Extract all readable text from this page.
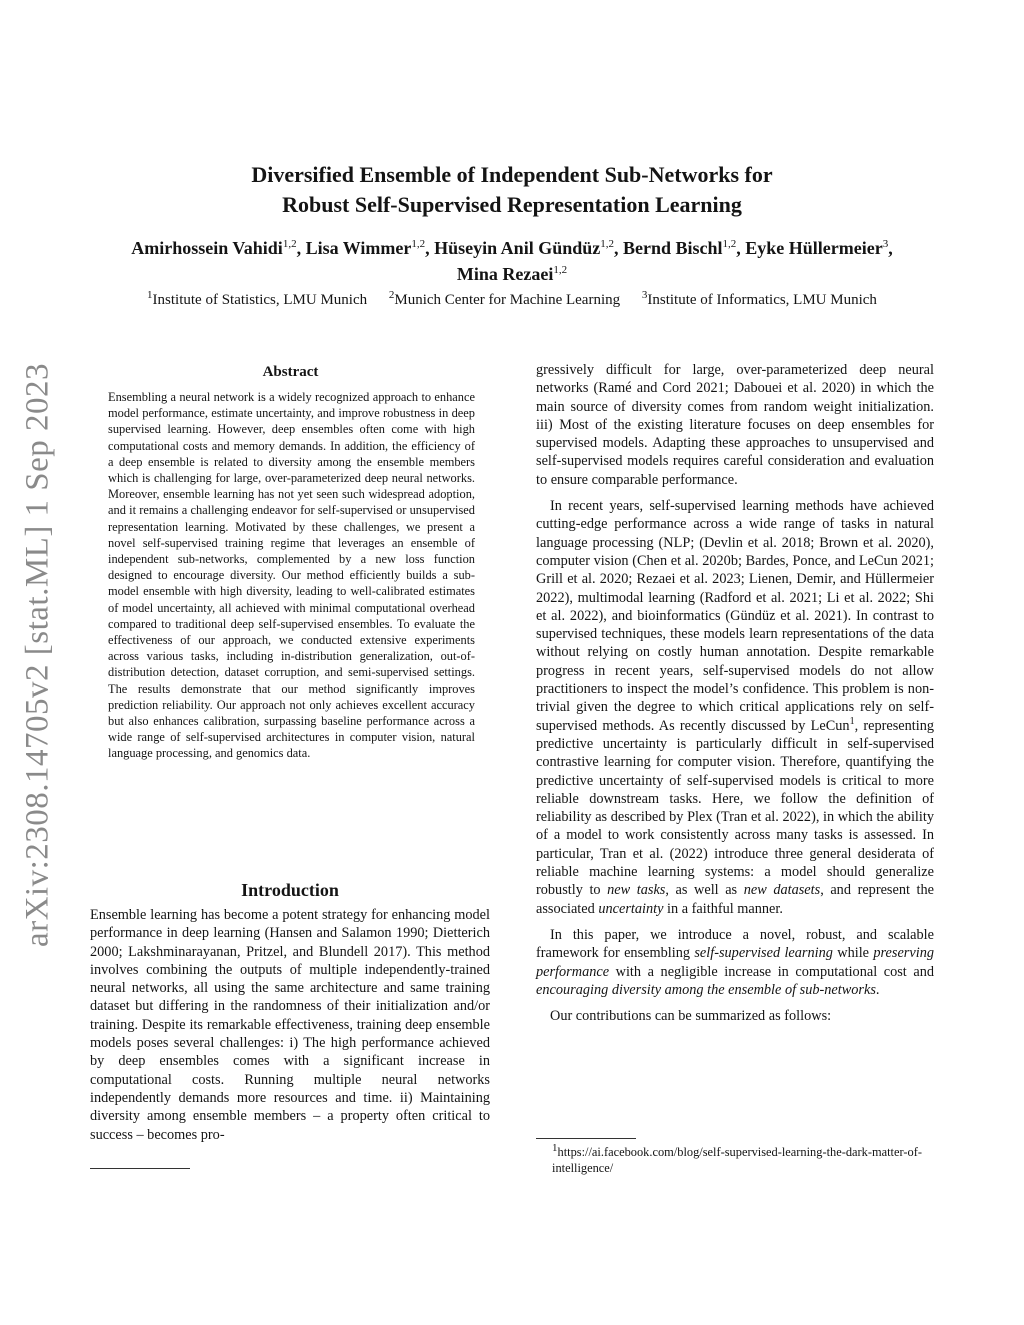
Diversified Ensemble of Independent Sub-Networks for
Robust Self-Supervised Representation Learning
Amirhossein Vahidi$^{1,2}$, Lisa Wimmer$^{1,2}$, Hüseyin Anil Gündüz$^{1,2}$, Bernd Bischl$^{1,2}$, Eyke Hüllermeier$^3$, Mina Rezaei$^{1,2}$
$^1$Institute of Statistics, LMU Munich $^2$Munich Center for Machine Learning $^3$Institute of Informatics, LMU Munich
arXiv:2308.14705v2 [stat.ML] 1 Sep 2023	Abstract

Ensembling a neural network is a widely recognized approach to enhance model performance, estimate uncertainty, and improve robustness in deep supervised learning. However, deep ensembles often come with high computational costs and memory demands. In addition, the efficiency of a deep ensemble is related to diversity among the ensemble members which is challenging for large, over-parameterized deep neural networks. Moreover, ensemble learning has not yet seen such widespread adoption, and it remains a challenging endeavor for self-supervised or unsupervised representation learning. Motivated by these challenges, we present a novel self-supervised training regime that leverages an ensemble of independent sub-networks, complemented by a new loss function designed to encourage diversity. Our method efficiently builds a sub-model ensemble with high diversity, leading to well-calibrated estimates of model uncertainty, all achieved with minimal computational overhead compared to traditional deep self-supervised ensembles. To evaluate the effectiveness of our approach, we conducted extensive experiments across various tasks, including in-distribution generalization, out-of-distribution detection, dataset corruption, and semi-supervised settings. The results demonstrate that our method significantly improves prediction reliability. Our approach not only achieves excellent accuracy but also enhances calibration, surpassing baseline performance across a wide range of self-supervised architectures in computer vision, natural language processing, and genomics data.

Introduction

Ensemble learning has become a potent strategy for enhancing model performance in deep learning (Hansen and Salamon 1990; Dietterich 2000; Lakshminarayanan, Pritzel, and Blundell 2017). This method involves combining the outputs of multiple independently-trained neural networks, all using the same architecture and same training dataset but differing in the randomness of their initialization and/or training. Despite its remarkable effectiveness, training deep ensemble models poses several challenges: i) The high performance achieved by deep ensembles comes with a significant increase in computational costs. Running multiple neural networks independently demands more resources and time. ii) Maintaining diversity among ensemble members – a property often critical to success – becomes pro-

gressively difficult for large, over-parameterized deep neural networks (Ramé and Cord 2021; Dabouei et al. 2020) in which the main source of diversity comes from random weight initialization. iii) Most of the existing literature focuses on deep ensembles for supervised models. Adapting these approaches to unsupervised and self-supervised models requires careful consideration and evaluation to ensure comparable performance.

In recent years, self-supervised learning methods have achieved cutting-edge performance across a wide range of tasks in natural language processing (NLP; (Devlin et al. 2018; Brown et al. 2020), computer vision (Chen et al. 2020b; Bardes, Ponce, and LeCun 2021; Grill et al. 2020; Rezaei et al. 2023; Lienen, Demir, and Hüllermeier 2022), multimodal learning (Radford et al. 2021; Li et al. 2022; Shi et al. 2022), and bioinformatics (Gündüz et al. 2021). In contrast to supervised techniques, these models learn representations of the data without relying on costly human annotation. Despite remarkable progress in recent years, self-supervised models do not allow practitioners to inspect the model’s confidence. This problem is non-trivial given the degree to which critical applications rely on self-supervised methods. As recently discussed by LeCun$^1$, representing predictive uncertainty is particularly difficult in self-supervised contrastive learning for computer vision. Therefore, quantifying the predictive uncertainty of self-supervised models is critical to more reliable downstream tasks. Here, we follow the definition of reliability as described by Plex (Tran et al. 2022), in which the ability of a model to work consistently across many tasks is assessed. In particular, Tran et al. (2022) introduce three general desiderata of reliable machine learning systems: a model should generalize robustly to new tasks, as well as new datasets, and represent the associated uncertainty in a faithful manner.

In this paper, we introduce a novel, robust, and scalable framework for ensembling self-supervised learning while preserving performance with a negligible increase in computational cost and encouraging diversity among the ensemble of sub-networks.

Our contributions can be summarized as follows:

$^1$https://ai.facebook.com/blog/self-supervised-learning-the-dark-matter-of-intelligence/
